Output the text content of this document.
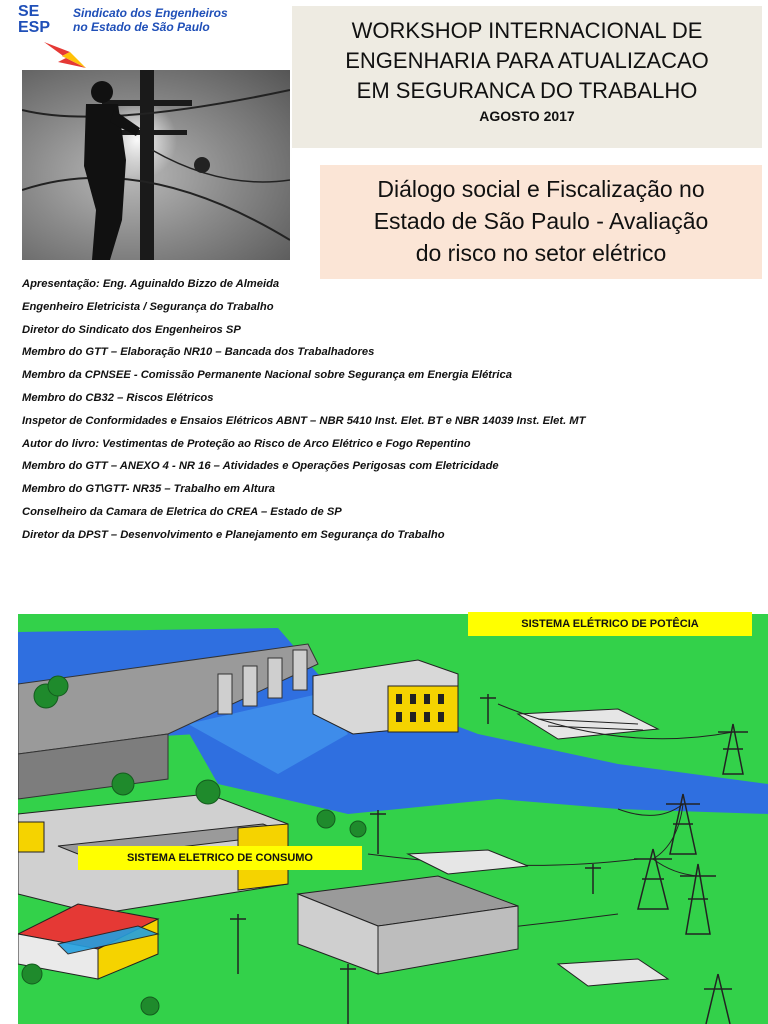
SE
ESP
Sindicato dos Engenheiros
no Estado de São Paulo	WORKSHOP INTERNACIONAL DE
ENGENHARIA PARA ATUALIZACAO
EM SEGURANCA DO TRABALHO
AGOSTO 2017
Diálogo social e Fiscalização no
Estado de São Paulo - Avaliação
do risco no setor elétrico
Apresentação: Eng. Aguinaldo Bizzo de Almeida
Engenheiro Eletricista / Segurança do Trabalho
Diretor do Sindicato dos Engenheiros SP
Membro do GTT – Elaboração NR10 – Bancada dos Trabalhadores
Membro da CPNSEE - Comissão Permanente Nacional sobre Segurança em Energia Elétrica
Membro do CB32 – Riscos Elétricos
Inspetor de Conformidades e Ensaios Elétricos ABNT – NBR 5410 Inst. Elet. BT e NBR 14039 Inst. Elet. MT
Autor do livro: Vestimentas de Proteção ao Risco de Arco Elétrico e Fogo Repentino
Membro do GTT – ANEXO 4 - NR 16 – Atividades e Operações Perigosas com Eletricidade
Membro do GT\GTT- NR35 – Trabalho em Altura
Conselheiro da Camara de Eletrica do CREA – Estado de SP
Diretor da DPST – Desenvolvimento e Planejamento em Segurança do Trabalho
SISTEMA ELÉTRICO DE POTÊCIA
SISTEMA ELETRICO DE CONSUMO
